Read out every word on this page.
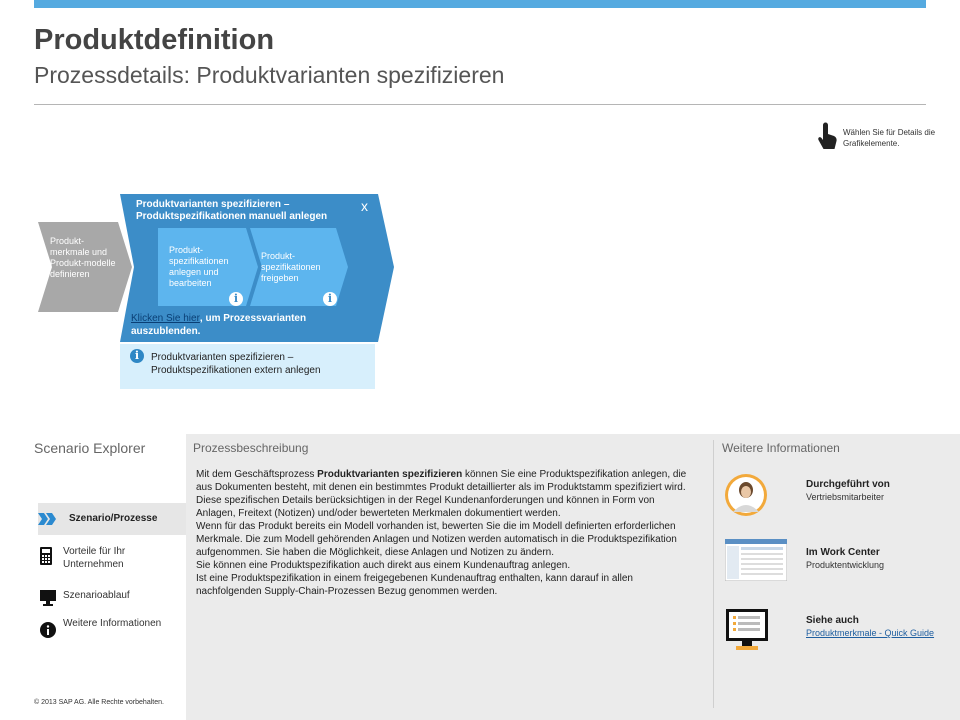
Produktdefinition
Prozessdetails: Produktvarianten spezifizieren
Wählen Sie für Details die Grafikelemente.
Produkt-merkmale und Produkt-modelle definieren
Produktvarianten spezifizieren – Produktspezifikationen manuell anlegen
x
Produkt-spezifikationen anlegen und bearbeiten
Produkt-spezifikationen freigeben
i	i
Klicken Sie hier, um Prozessvarianten auszublenden.
i	Produktvarianten spezifizieren – Produktspezifikationen extern anlegen
Scenario Explorer
Szenario/Prozesse
Vorteile für Ihr Unternehmen
Szenarioablauf
Weitere Informationen
Prozessbeschreibung	Weitere Informationen
Mit dem Geschäftsprozess Produktvarianten spezifizieren können Sie eine Produktspezifikation anlegen, die aus Dokumenten besteht, mit denen ein bestimmtes Produkt detaillierter als im Produktstamm spezifiziert wird. Diese spezifischen Details berücksichtigen in der Regel Kundenanforderungen und können in Form von Anlagen, Freitext (Notizen) und/oder bewerteten Merkmalen dokumentiert werden.
Wenn für das Produkt bereits ein Modell vorhanden ist, bewerten Sie die im Modell definierten erforderlichen Merkmale. Die zum Modell gehörenden Anlagen und Notizen werden automatisch in die Produktspezifikation aufgenommen. Sie haben die Möglichkeit, diese Anlagen und Notizen zu ändern.
Sie können eine Produktspezifikation auch direkt aus einem Kundenauftrag anlegen.
Ist eine Produktspezifikation in einem freigegebenen Kundenauftrag enthalten, kann darauf in allen nachfolgenden Supply-Chain-Prozessen Bezug genommen werden.
Durchgeführt von
Vertriebsmitarbeiter
Im Work Center
Produktentwicklung
Siehe auch
Produktmerkmale - Quick Guide
© 2013 SAP AG. Alle Rechte vorbehalten.
